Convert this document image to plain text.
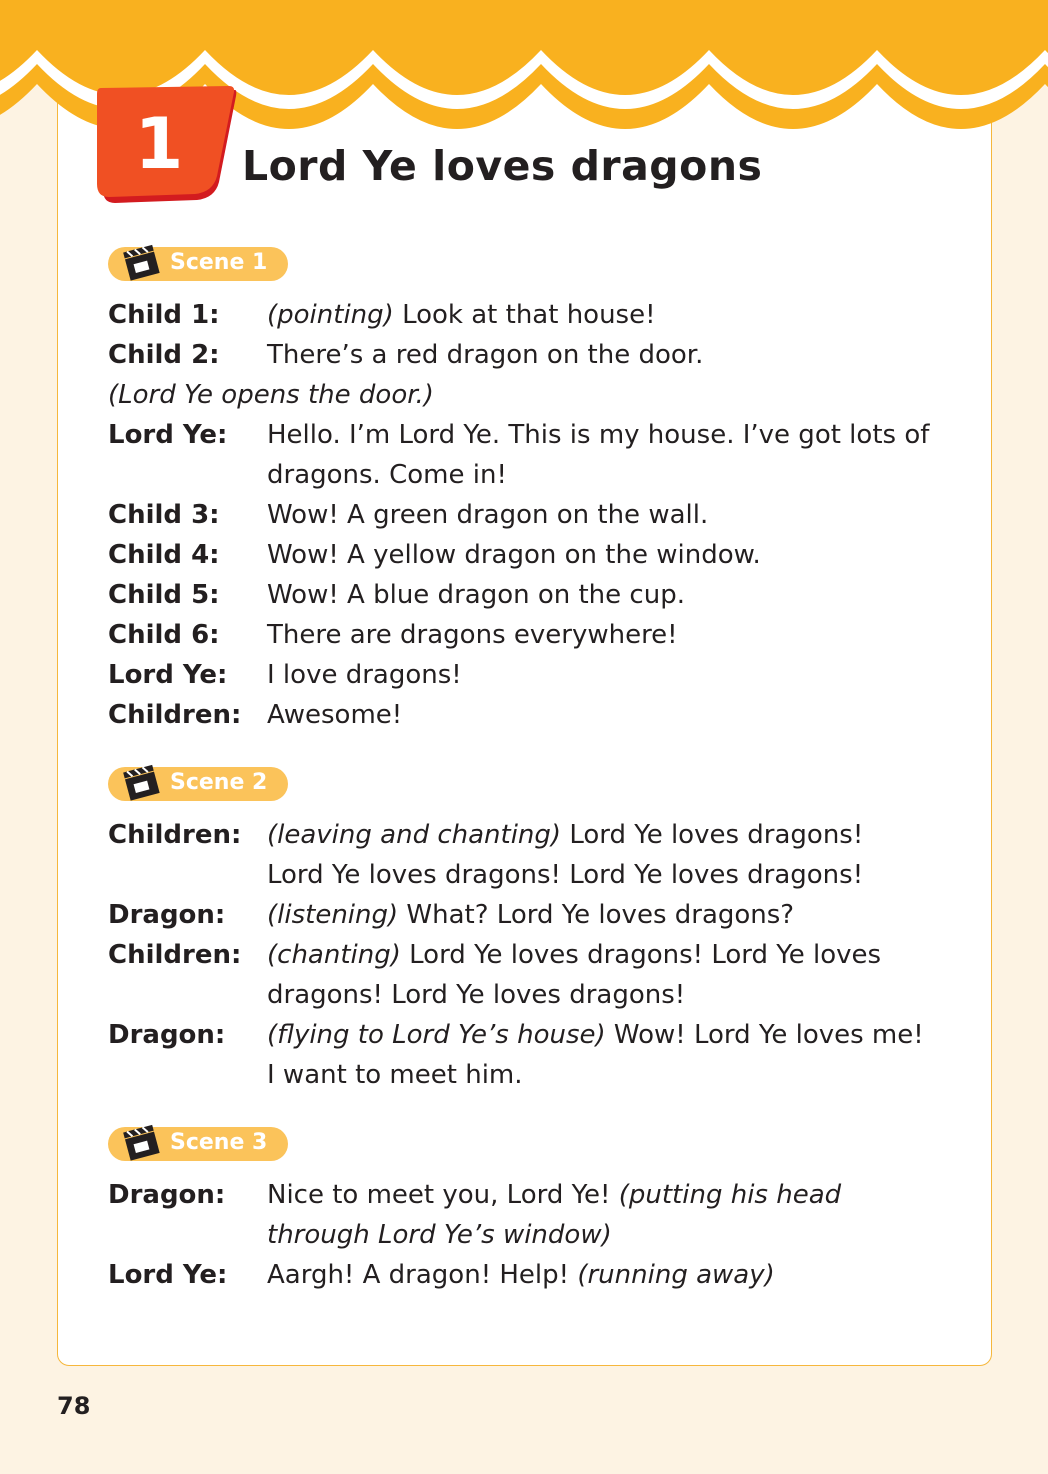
1 Lord Ye loves dragons
Scene 1
Child 1: (pointing) Look at that house!
Child 2: There’s a red dragon on the door.
(Lord Ye opens the door.)
Lord Ye: Hello. I’m Lord Ye. This is my house. I’ve got lots of
dragons. Come in!
Child 3: Wow! A green dragon on the wall.
Child 4: Wow! A yellow dragon on the window.
Child 5: Wow! A blue dragon on the cup.
Child 6: There are dragons everywhere!
Lord Ye: I love dragons!
Children: Awesome!
Scene 2
Children: (leaving and chanting) Lord Ye loves dragons!
Lord Ye loves dragons! Lord Ye loves dragons!
Dragon: (listening) What? Lord Ye loves dragons?
Children: (chanting) Lord Ye loves dragons! Lord Ye loves
dragons! Lord Ye loves dragons!
Dragon: (flying to Lord Ye’s house) Wow! Lord Ye loves me!
I want to meet him.
Scene 3
Dragon: Nice to meet you, Lord Ye! (putting his head
through Lord Ye’s window)
Lord Ye: Aargh! A dragon! Help! (running away)
78
